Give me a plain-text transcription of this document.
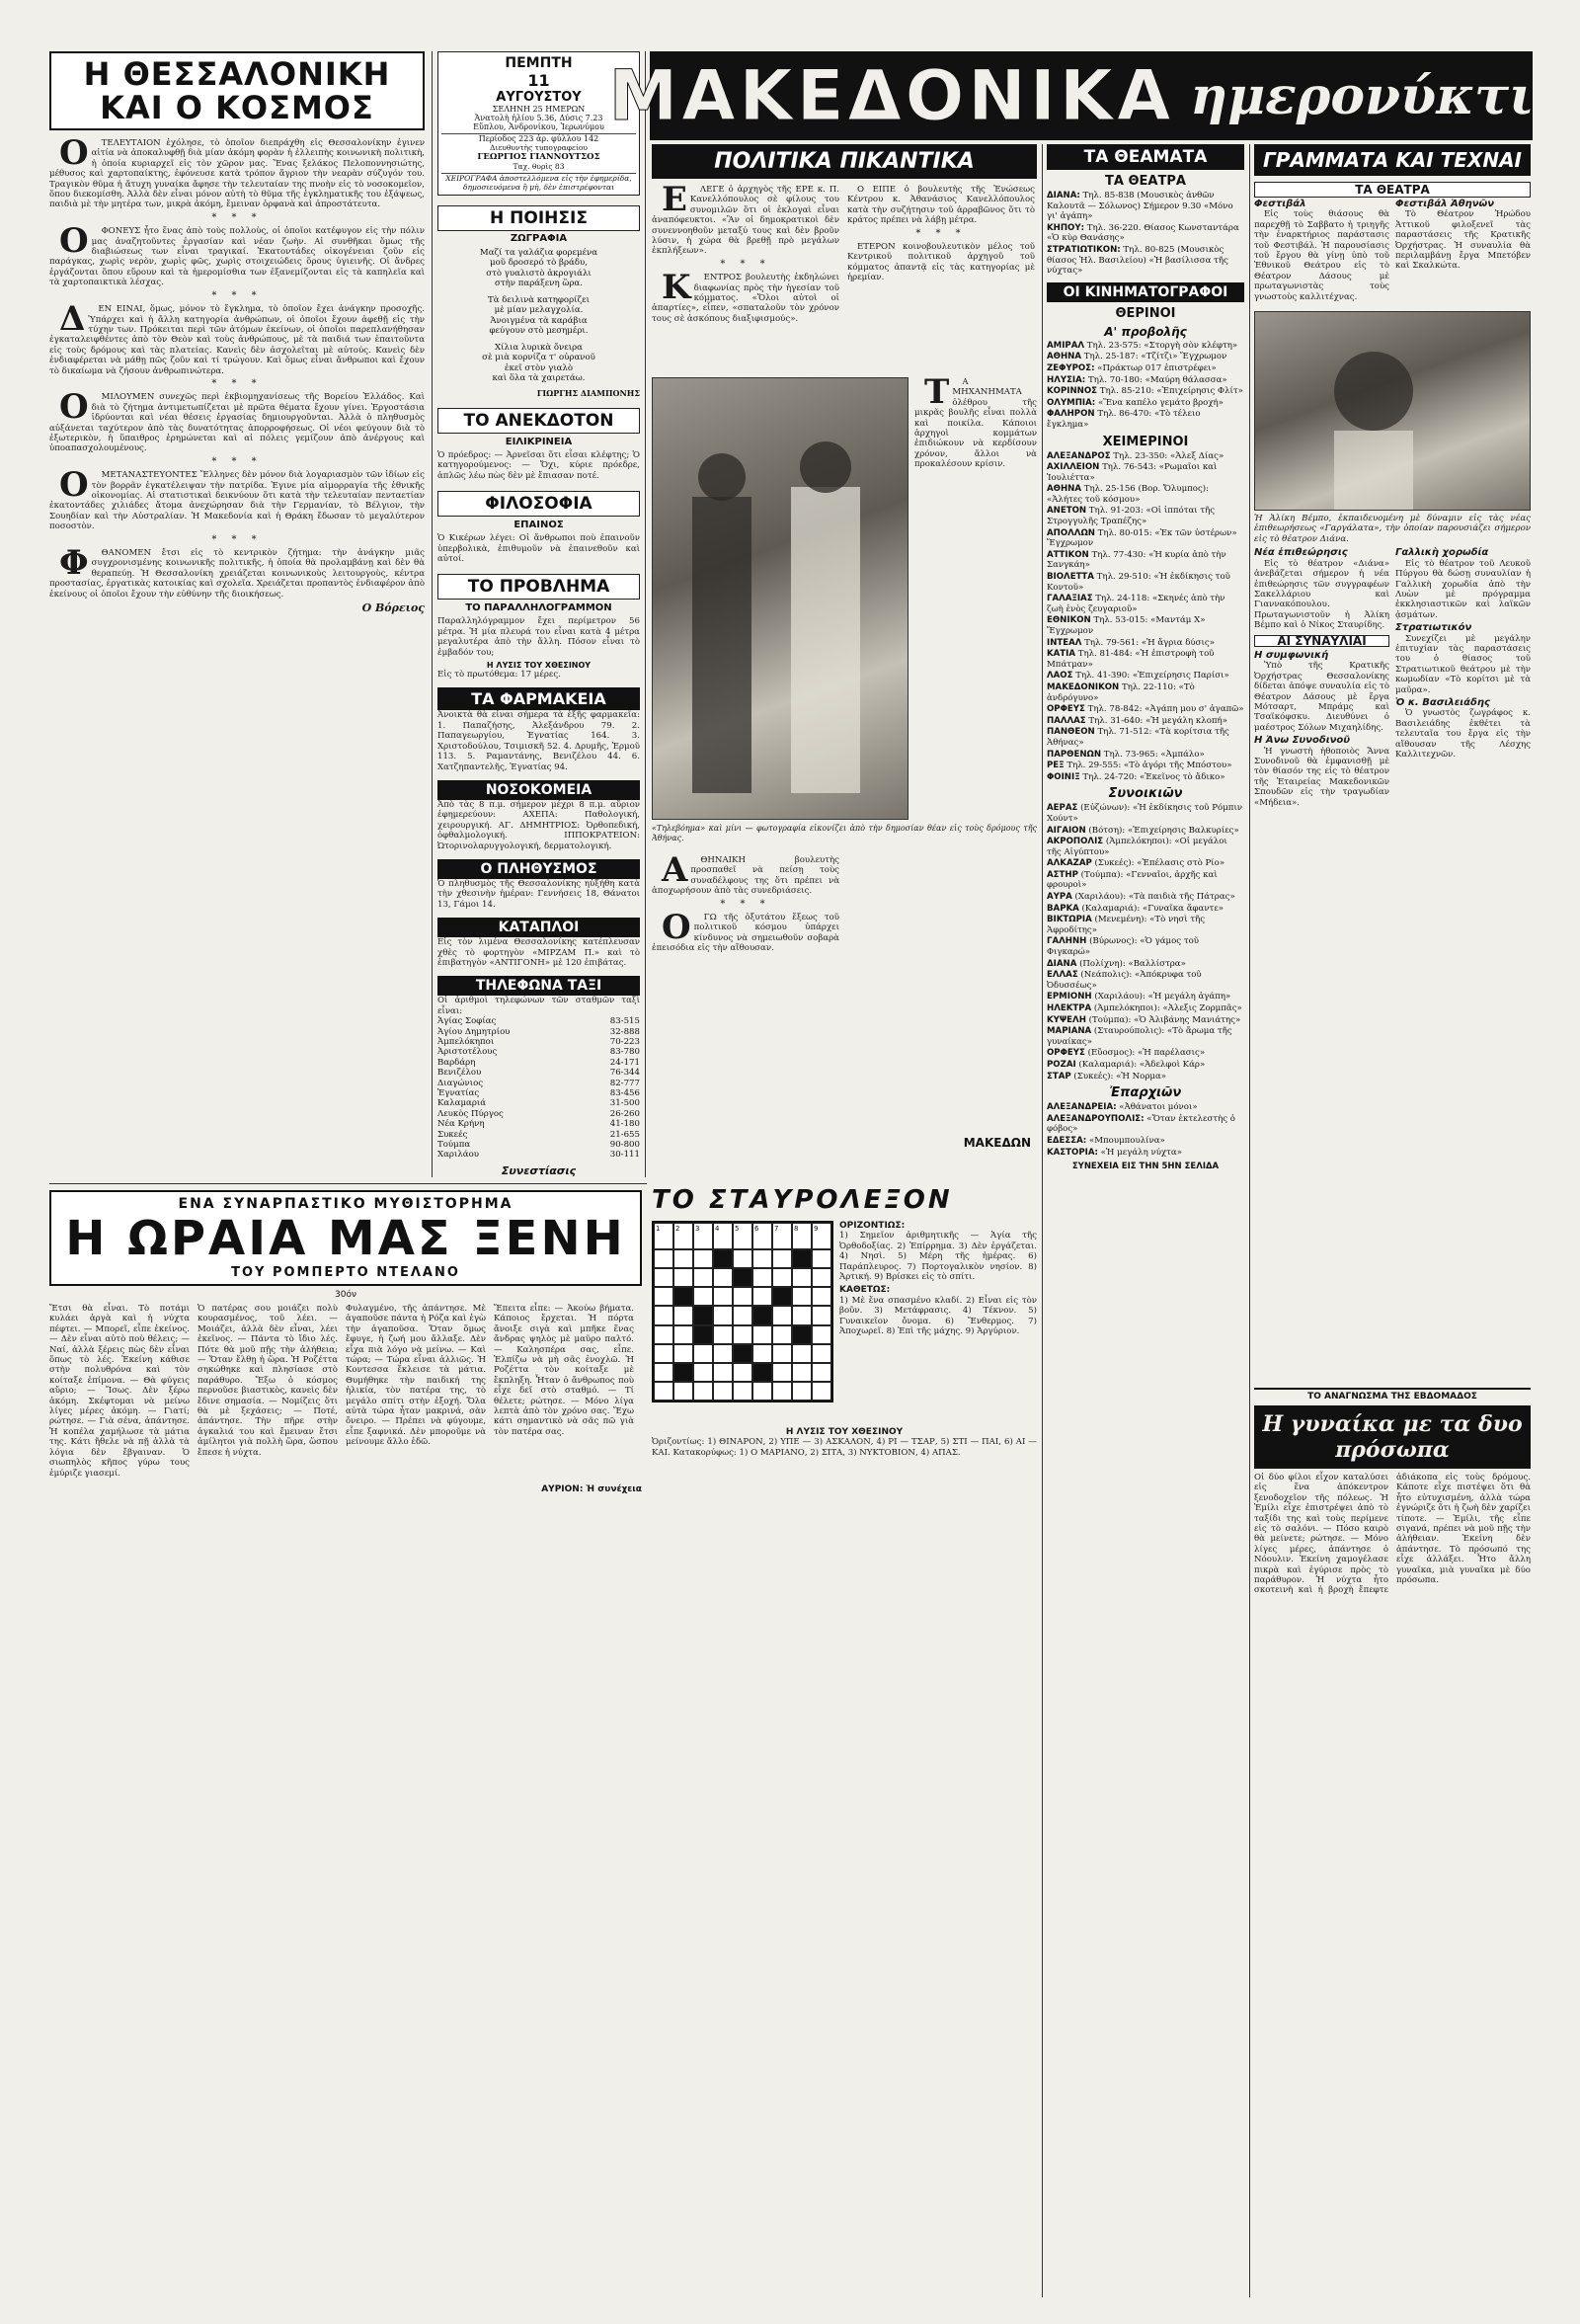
Η ΘΕΣΣΑΛΟΝΙΚΗ
ΚΑΙ Ο ΚΟΣΜΟΣ

ΟΤΕΛΕΥΤΑΙΟΝ ἐχόλησε, τὸ ὁποῖον διεπράχθη εἰς Θεσσαλονίκην ἐγινεν αἰτία νὰ ἀποκαλυφθῇ διὰ μίαν ἀκόμη φορὰν ἡ ἐλλειπὴς κοινωνικὴ πολιτικὴ, ἡ ὁποία κυριαρχεῖ εἰς τὸν χῶρον μας. Ἕνας ξελάκος Πελοποννησιώτης, μέθυσος καὶ χαρτοπαίκτης, ἐφόνευσε κατὰ τρόπον ἄγριον τὴν νεαρὰν σύζυγόν του. Τραγικὸν θῦμα ἡ ἄτυχη γυναίκα ἄφησε τὴν τελευταίαν της πνοὴν εἰς τὸ νοσοκομεῖον, ὅπου διεκομίσθη. Ἀλλὰ δὲν εἶναι μόνον αὐτὴ τὸ θῦμα τῆς ἐγκληματικῆς του ἐξάψεως, παιδιὰ μὲ τὴν μητέρα των, μικρὰ ἀκόμη, ἔμειναν ὀρφανὰ καὶ ἀπροστάτευτα.

* * *

ΟΦΟΝΕΥΣ ἦτο ἕνας ἀπὸ τοὺς πολλοὺς, οἱ ὁποῖοι κατέφυγον εἰς τὴν πόλιν μας ἀναζητοῦντες ἐργασίαν καὶ νέαν ζωὴν. Αἱ συνθῆκαι ὅμως τῆς διαβιώσεως των εἶναι τραγικαί. Ἐκατοντάδες οἰκογένειαι ζοῦν εἰς παράγκας, χωρὶς νερὸν, χωρὶς φῶς, χωρὶς στοιχειώδεις ὅρους ὑγιεινῆς. Οἱ ἄνδρες ἐργάζονται ὅπου εὕρουν καὶ τὰ ἡμερομίσθια των ἐξανεμίζονται εἰς τὰ καπηλεῖα καὶ τὰ χαρτοπαικτικὰ λέσχας.

* * *

ΔΕΝ ΕΙΝΑΙ, ὅμως, μόνον τὸ ἔγκλημα, τὸ ὁποῖον ἔχει ἀνάγκην προσοχῆς. Ὑπάρχει καὶ ἡ ἄλλη κατηγορία ἀνθρώπων, οἱ ὁποῖοι ἔχουν ἀφεθῇ εἰς τὴν τύχην των. Πρόκειται περὶ τῶν ἀτόμων ἐκείνων, οἱ ὁποῖοι παρεπλανήθησαν ἐγκαταλειφθέντες ἀπὸ τὸν Θεὸν καὶ τοὺς ἀνθρώπους, μὲ τὰ παιδιά των ἐπαιτοῦντα εἰς τοὺς δρόμους καὶ τὰς πλατείας. Κανεὶς δὲν ἀσχολεῖται μὲ αὐτούς. Κανεὶς δὲν ἐνδιαφέρεται νὰ μάθῃ πῶς ζοῦν καὶ τί τρώγουν. Καὶ ὅμως εἶναι ἄνθρωποι καὶ ἔχουν τὸ δικαίωμα νὰ ζήσουν ἀνθρωπινώτερα.

* * *

ΟΜΙΛΟΥΜΕΝ συνεχῶς περὶ ἐκβιομηχανίσεως τῆς Βορείου Ἑλλάδος. Καὶ διὰ τὸ ζήτημα ἀντιμετωπίζεται μὲ πρῶτα θέματα ἔχουν γίνει. Ἐργοστάσια ἱδρύονται καὶ νέαι θέσεις ἐργασίας δημιουργοῦνται. Ἀλλὰ ὁ πληθυσμὸς αὐξάνεται ταχύτερον ἀπὸ τὰς δυνατότητας ἀπορροφήσεως. Οἱ νέοι φεύγουν διὰ τὸ ἐξωτερικὸν, ἡ ὕπαιθρος ἐρημώνεται καὶ αἱ πόλεις γεμίζουν ἀπὸ ἀνέργους καὶ ὑποαπασχολουμένους.

* * *

ΟΜΕΤΑΝΑΣΤΕΥΟΝΤΕΣ Ἕλληνες δὲν μόνον διὰ λογαριασμὸν τῶν ἰδίων εἰς τὸν βορρᾶν ἐγκατέλειψαν τὴν πατρίδα. Ἐγινε μία αἱμορραγία τῆς ἐθνικῆς οἰκονομίας. Αἱ στατιστικαὶ δεικνύουν ὅτι κατὰ τὴν τελευταίαν πενταετίαν ἐκατοντάδες χιλιάδες ἄτομα ἀνεχώρησαν διὰ τὴν Γερμανίαν, τὸ Βέλγιον, τὴν Σουηδίαν καὶ τὴν Αὐστραλίαν. Ἡ Μακεδονία καὶ ἡ Θράκη ἔδωσαν τὸ μεγαλύτερον ποσοστὸν.

* * *

ΦΘΑΝΟΜΕΝ ἔτσι εἰς τὸ κεντρικὸν ζήτημα: τὴν ἀνάγκην μιᾶς συγχρονισμένης κοινωνικῆς πολιτικῆς, ἡ ὁποία θὰ προλαμβάνῃ καὶ δὲν θὰ θεραπεύῃ. Ἡ Θεσσαλονίκη χρειάζεται κοινωνικοὺς λειτουργοὺς, κέντρα προστασίας, ἐργατικὰς κατοικίας καὶ σχολεῖα. Χρειάζεται προπαντὸς ἐνδιαφέρον ἀπὸ ἐκείνους οἱ ὁποῖοι ἔχουν τὴν εὐθύνην τῆς διοικήσεως.

Ο Βόρειος
ΠΕΜΠΤΗ
11
ΑΥΓΟΥΣΤΟΥ
ΣΕΛΗΝΗ 25 ΗΜΕΡΩΝ
Ἀνατολὴ ἡλίου 5.36, Δύσις 7.23
Εὔπλου, Ἀνδρονίκου, Ἰερωνύμου
Περίοδος 223 ἀρ. φύλλου 142
Διευθυντὴς τυπογραφείου
ΓΕΩΡΓΙΟΣ ΓΙΑΝΝΟΥΤΣΟΣ
Ταχ. θυρὶς 83
ΧΕΙΡΟΓΡΑΦΑ ἀποστελλόμενα εἰς τὴν ἐφημερίδα, δημοσιευόμενα ἢ μὴ, δὲν ἐπιστρέφονται
Η ΠΟΙΗΣΙΣ
ΖΩΓΡΑΦΙΑ
Μαζί τα γαλάζια φορεμένα
μοῦ δροσερό τὸ βράδυ,
στὸ γυαλιστὸ ἀκρογιάλι
στὴν παράξενη ὥρα.
Τὰ δειλινὰ κατηφορίζει
μὲ μίαν μελαγχολία.
Ἀνοιγμένα τὰ καράβια
φεύγουν στὸ μεσημέρι.
Χίλια λυρικὰ ὄνειρα
σὲ μιὰ κορνίζα τ' οὐρανοῦ
ἐκεῖ στὸν γιαλὸ
καὶ ὅλα τὰ χαιρετάω.
ΓΙΩΡΓΗΣ ΔΙΑΜΠΟΝΗΣ
ΤΟ ΑΝΕΚΔΟΤΟΝ
ΕΙΛΙΚΡΙΝΕΙΑ
Ὁ πρόεδρος: — Ἀρνεῖσαι ὅτι εἶσαι κλέφτης; Ὁ κατηγορούμενος: — Ὄχι, κύριε πρόεδρε, ἁπλῶς λέω πὼς δὲν μὲ ἔπιασαν ποτέ.
ΦΙΛΟΣΟΦΙΑ
ΕΠΑΙΝΟΣ
Ὁ Κικέρων λέγει: Οἱ ἄνθρωποι ποὺ ἐπαινοῦν ὑπερβολικὰ, ἐπιθυμοῦν νὰ ἐπαινεθοῦν καὶ αὐτοί.
ΤΟ ΠΡΟΒΛΗΜΑ
ΤΟ ΠΑΡΑΛΛΗΛΟΓΡΑΜΜΟΝ
Παραλληλόγραμμον ἔχει περίμετρον 56 μέτρα. Ἡ μία πλευρά του εἶναι κατὰ 4 μέτρα μεγαλυτέρα ἀπὸ τὴν ἄλλη. Πόσον εἶναι τὸ ἐμβαδόν του;
Η ΛΥΣΙΣ ΤΟΥ ΧΘΕΣΙΝΟΥ
Εἰς τὸ πρωτόθεμα: 17 μέρες.
ΤΑ ΦΑΡΜΑΚΕΙΑ
Ἀνοικτὰ θὰ εἶναι σήμερα τὰ ἑξῆς φαρμακεῖα: 1. Παπαζήσης, Ἀλεξάνδρου 79. 2. Παπαγεωργίου, Ἐγνατίας 164. 3. Χριστοδούλου, Τσιμισκῆ 52. 4. Δρυμῆς, Ἑρμοῦ 113. 5. Ραμαντάνης, Βενιζέλου 44. 6. Χατζηπαντελῆς, Ἐγνατίας 94.
ΝΟΣΟΚΟΜΕΙΑ
Ἀπὸ τὰς 8 π.μ. σήμερον μέχρι 8 π.μ. αὔριον ἐφημερεύουν: ΑΧΕΠΑ: Παθολογική, χειρουργική. ΑΓ. ΔΗΜΗΤΡΙΟΣ: Ὀρθοπεδική, ὀφθαλμολογική. ΙΠΠΟΚΡΑΤΕΙΟΝ: Ὠτορινολαρυγγολογική, δερματολογική.
Ο ΠΛΗΘΥΣΜΟΣ
Ὁ πληθυσμὸς τῆς Θεσσαλονίκης ηὐξήθη κατὰ τὴν χθεσινὴν ἡμέραν: Γεννήσεις 18, Θάνατοι 13, Γάμοι 14.
ΚΑΤΑΠΛΟΙ
Εἰς τὸν λιμένα Θεσσαλονίκης κατέπλευσαν χθὲς τὸ φορτηγὸν «ΜΙΡΖΑΜ Π.» καὶ τὸ ἐπιβατηγὸν «ΑΝΤΙΓΟΝΗ» μὲ 120 ἐπιβάτας.
ΤΗΛΕΦΩΝΑ ΤΑΞΙ
Οἱ ἀριθμοὶ τηλεφώνων τῶν σταθμῶν ταξὶ εἶναι:
Ἁγίας Σοφίας	83-515
Ἁγίου Δημητρίου	32-888
Ἀμπελόκηποι	70-223
Ἀριστοτέλους	83-780
Βαρδάρη	24-171
Βενιζέλου	76-344
Διαγώνιος	82-777
Ἐγνατίας	83-456
Καλαμαριά	31-500
Λευκὸς Πύργος	26-260
Νέα Κρήνη	41-180
Συκεές	21-655
Τούμπα	90-800
Χαριλάου	30-111
Συνεστίασις
ΜΑΚΕΔΟΝΙΚΑ ημερονύκτια
ΠΟΛΙΤΙΚΑ ΠΙΚΑΝΤΙΚΑ

ΕΛΕΓΕ ὁ ἀρχηγὸς τῆς ΕΡΕ κ. Π. Κανελλόπουλος σὲ φίλους του συνομιλῶν ὅτι οἱ ἐκλογαὶ εἶναι ἀναπόφευκτοι. «Ἂν οἱ δημοκρατικοὶ δὲν συνεννοηθοῦν μεταξύ τους καὶ δὲν βροῦν λύσιν, ἡ χώρα θὰ βρεθῇ πρὸ μεγάλων ἐκπλήξεων».

* * *

ΚΕΝΤΡΟΣ βουλευτὴς ἐκδηλώνει διαφωνίας πρὸς τὴν ἡγεσίαν τοῦ κόμματος. «Ὅλοι αὐτοὶ οἱ ἀπαρτίες», εἶπεν, «σπαταλοῦν τὸν χρόνον τους σὲ ἀσκόπους διαξιφισμούς».

Ο ΕΙΠΕ ὁ βουλευτὴς τῆς Ἑνώσεως Κέντρου κ. Ἀθανάσιος Κανελλόπουλος κατὰ τὴν συζήτησιν τοῦ ἀρραβῶνος ὅτι τὸ κράτος πρέπει νὰ λάβῃ μέτρα.

* * *

ΕΤΕΡΟΝ κοινοβουλευτικὸν μέλος τοῦ Κεντρικοῦ πολιτικοῦ ἀρχηγοῦ τοῦ κόμματος ἀπαντᾷ εἰς τὰς κατηγορίας μὲ ἡρεμίαν.

«Τηλεβόημα» καὶ μίνι — φωτογραφία εἰκονίζει ἀπὸ τὴν δημοσίαν θέαν εἰς τοὺς δρόμους τῆς Ἀθήνας.

ΤΑ ΜΗΧΑΝΗΜΑΤΑ ὀλέθρου τῆς μικρᾶς βουλῆς εἶναι πολλὰ καὶ ποικίλα. Κάποιοι ἀρχηγοὶ κομμάτων ἐπιδιώκουν νὰ κερδίσουν χρόνον, ἄλλοι νὰ προκαλέσουν κρίσιν.

ΑΘΗΝΑΙΚΗ βουλευτὴς προσπαθεῖ νὰ πείσῃ τοὺς συναδέλφους της ὅτι πρέπει νὰ ἀποχωρήσουν ἀπὸ τὰς συνεδριάσεις.

* * *

ΟΓΩ τῆς ὀξυτάτου ἔξεως τοῦ πολιτικοῦ κόσμου ὑπάρχει κίνδυνος νὰ σημειωθοῦν σοβαρὰ ἐπεισόδια εἰς τὴν αἴθουσαν.

ΜΑΚΕΔΩΝ
ΤΟ ΣΤΑΥΡΟΛΕΞΟΝ
1	2	3	4	5	6	7	8	9	ΟΡΙΖΟΝΤΙΩΣ:
1) Σημεῖον ἀριθμητικῆς — Ἁγία τῆς Ὀρθοδοξίας. 2) Ἐπίρρημα. 3) Δὲν ἐργάζεται. 4) Νησὶ. 5) Μέρη τῆς ἡμέρας. 6) Παράπλευρος. 7) Πορτογαλικὸν νησίον. 8) Ἀρτική. 9) Βρίσκει εἰς τὸ σπίτι.
ΚΑΘΕΤΩΣ:
1) Μὲ ἕνα σπασμένο κλαδί. 2) Εἶναι εἰς τὸν βοῦν. 3) Μετάφρασις. 4) Τέκνον. 5) Γυναικεῖον ὄνομα. 6) Ἔνθερμος. 7) Ἀποχωρεῖ. 8) Ἐπὶ τῆς μάχης. 9) Ἀργύριον.
Η ΛΥΣΙΣ ΤΟΥ ΧΘΕΣΙΝΟΥ
Ὀριζοντίως: 1) ΘΙΝΑΡΟΝ, 2) ΥΠΕ — 3) ΑΣΚΑΛΟΝ, 4) ΡΙ — ΤΣΑΡ, 5) ΣΤΙ — ΠΑΙ, 6) ΑΙ — ΚΑΙ. Κατακορύφως: 1) Ο ΜΑΡΙΑΝΟ, 2) ΣΙΤΑ, 3) ΝΥΚΤΟΒΙΟΝ, 4) ΑΠΑΣ.
ΤΑ ΘΕΑΜΑΤΑ
ΤΑ ΘΕΑΤΡΑ
ΔΙΑΝΑ: Τηλ. 85-838 (Μουσικὸς ἀνθῶν Καλουτᾶ — Σόλωνος) Σήμερον 9.30 «Μόνο γι' ἀγάπη»
ΚΗΠΟΥ: Τηλ. 36-220. Θίασος Κωνσταντάρα «Ὁ κὺρ Θανάσης»
ΣΤΡΑΤΙΩΤΙΚΟΝ: Τηλ. 80-825 (Μουσικὸς θίασος Ἠλ. Βασιλείου) «Ἡ βασίλισσα τῆς νύχτας»
ΟΙ ΚΙΝΗΜΑΤΟΓΡΑΦΟΙ
ΘΕΡΙΝΟΙ
Α' προβολῆς
ΑΜΙΡΑΛ Τηλ. 23-575: «Στοργὴ σὸν κλέφτη»
ΑΘΗΝΑ Τηλ. 25-187: «Τζίτζι» Ἔγχρωμον
ΖΕΦΥΡΟΣ: «Πράκτωρ 017 ἐπιστρέφει»
ΗΛΥΣΙΑ: Τηλ. 70-180: «Μαύρη θάλασσα»
ΚΟΡΙΝΝΟΣ Τηλ. 85-210: «Ἐπιχείρησις Φλίτ»
ΟΛΥΜΠΙΑ: «Ἕνα καπέλο γεμάτο βροχή»
ΦΑΛΗΡΟΝ Τηλ. 86-470: «Τὸ τέλειο ἔγκλημα»
ΧΕΙΜΕΡΙΝΟΙ
ΑΛΕΞΑΝΔΡΟΣ Τηλ. 23-350: «Ἀλεξ Δίας»
ΑΧΙΛΛΕΙΟΝ Τηλ. 76-543: «Ρωμαῖοι καὶ Ἰουλιέττα»
ΑΘΗΝΑ Τηλ. 25-156 (Βορ. Ὄλυμπος): «Ἀλήτες τοῦ κόσμου»
ΑΝΕΤΟΝ Τηλ. 91-203: «Οἱ ἱππόται τῆς Στρογγυλῆς Τραπέζης»
ΑΠΟΛΛΩΝ Τηλ. 80-015: «Ἐκ τῶν ὑστέρων» Ἔγχρωμον
ΑΤΤΙΚΟΝ Τηλ. 77-430: «Ἡ κυρία ἀπὸ τὴν Σανγκάη»
ΒΙΟΛΕΤΤΑ Τηλ. 29-510: «Ἡ ἐκδίκησις τοῦ Κοντοῦ»
ΓΑΛΑΞΙΑΣ Τηλ. 24-118: «Σκηνές ἀπὸ τὴν ζωὴ ἑνὸς ζευγαριοῦ»
ΕΘΝΙΚΟΝ Τηλ. 53-015: «Μαντάμ Χ» Ἔγχρωμον
ΙΝΤΕΑΛ Τηλ. 79-561: «Ἡ ἄγρια δύσις»
ΚΑΤΙΑ Τηλ. 81-484: «Ἡ ἐπιστροφὴ τοῦ Μπάτμαν»
ΛΑΟΣ Τηλ. 41-390: «Ἐπιχείρησις Παρίσι»
ΜΑΚΕΔΟΝΙΚΟΝ Τηλ. 22-110: «Τὸ ἀνδρόγυνο»
ΟΡΦΕΥΣ Τηλ. 78-842: «Ἀγάπη μου σ' ἀγαπῶ»
ΠΑΛΛΑΣ Τηλ. 31-640: «Ἡ μεγάλη κλοπή»
ΠΑΝΘΕΟΝ Τηλ. 71-512: «Τὰ κορίτσια τῆς Ἀθήνας»
ΠΑΡΘΕΝΩΝ Τηλ. 73-965: «Ἀμπάλο»
ΡΕΞ Τηλ. 29-555: «Τὸ ἀγόρι τῆς Μπόστου»
ΦΟΙΝΙΞ Τηλ. 24-720: «Ἐκεῖνος τὸ ἄδικο»
Συνοικιῶν
ΑΕΡΑΣ (Εὐζώνων): «Ἡ ἐκδίκησις τοῦ Ρόμπιν Χούντ»
ΑΙΓΑΙΟΝ (Βότση): «Ἐπιχείρησις Βαλκυρίες»
ΑΚΡΟΠΟΛΙΣ (Ἀμπελόκηποι): «Οἱ μεγάλοι τῆς Αἰγύπτου»
ΑΛΚΑΖΑΡ (Συκεές): «Ἐπέλασις στὸ Ρίο»
ΑΣΤΗΡ (Τούμπα): «Γενναῖοι, ἀρχῆς καὶ φρουροὶ»
ΑΥΡΑ (Χαριλάου): «Τὰ παιδιὰ τῆς Πάτρας»
ΒΑΡΚΑ (Καλαμαριά): «Γυναῖκα ἄφαντε»
ΒΙΚΤΩΡΙΑ (Μενεμένη): «Τὸ νησὶ τῆς Ἀφροδίτης»
ΓΑΛΗΝΗ (Βύρωνος): «Ὁ γάμος τοῦ Φιγκαρώ»
ΔΙΑΝΑ (Πολίχνη): «Βαλλίστρα»
ΕΛΛΑΣ (Νεάπολις): «Ἀπόκρυφα τοῦ Ὀδυσσέως»
ΕΡΜΙΟΝΗ (Χαριλάου): «Ἡ μεγάλη ἀγάπη»
ΗΛΕΚΤΡΑ (Ἀμπελόκηποι): «Ἀλεξις Ζορμπᾶς»
ΚΥΨΕΛΗ (Τούμπα): «Ὁ Ἀλιβάνης Μανιάτης»
ΜΑΡΙΑΝΑ (Σταυρούπολις): «Τὸ ἄρωμα τῆς γυναίκας»
ΟΡΦΕΥΣ (Εὔοσμος): «Ἡ παρέλασις»
ΡΟΖΑΙ (Καλαμαριά): «Ἀδελφοὶ Κάρ»
ΣΤΑΡ (Συκεές): «Ἡ Νορμα»
Ἐπαρχιῶν
ΑΛΕΞΑΝΔΡΕΙΑ: «Ἀθάνατοι μόνοι»
ΑΛΕΞΑΝΔΡΟΥΠΟΛΙΣ: «Ὅταν ἐκτελεστὴς ὁ φόβος»
ΕΔΕΣΣΑ: «Μπουμπουλίνα»
ΚΑΣΤΟΡΙΑ: «Ἡ μεγάλη νύχτα»
ΣΥΝΕΧΕΙΑ ΕΙΣ ΤΗΝ 5ΗΝ ΣΕΛΙΔΑ
ΓΡΑΜΜΑΤΑ ΚΑΙ ΤΕΧΝΑΙ
ΤΑ ΘΕΑΤΡΑ
Φεστιβάλ

Εἰς τοὺς θιάσους θὰ παρεχθῇ τὸ Σαββατο ἡ τριηγῆς τὴν ἐναρκτήριος παράστασις τοῦ Φεστιβάλ. Ἡ παρουσίασις τοῦ ἔργου θὰ γίνῃ ὑπὸ τοῦ Ἐθνικοῦ Θεάτρου εἰς τὸ Θέατρον Δάσους μὲ πρωταγωνιστὰς τοὺς γνωστοὺς καλλιτέχνας.

Φεστιβάλ Ἀθηνῶν

Τὸ Θέατρον Ἡρώδου Ἀττικοῦ φιλοξενεῖ τὰς παραστάσεις τῆς Κρατικῆς Ὀρχήστρας. Ἡ συναυλία θὰ περιλαμβάνῃ ἔργα Μπετόβεν καὶ Σκαλκώτα.

Ἡ Ἀλίκη Βέμπο, ἐκπαιδευομένη μὲ δύναμιν εἰς τὰς νέας ἐπιθεωρήσεως «Γαργάλατα», τὴν ὁποίαν παρουσιάζει σήμερον εἰς τὸ θέατρον Διάνα.
Νέα ἐπιθεώρησις

Εἰς τὸ θέατρον «Διάνα» ἀνεβάζεται σήμερον ἡ νέα ἐπιθεώρησις τῶν συγγραφέων Σακελλάριου καὶ Γιαννακόπουλου. Πρωταγωνιστοῦν ἡ Ἀλίκη Βέμπο καὶ ὁ Νίκος Σταυρίδης.

ΑΙ ΣΥΝΑΥΛΙΑΙ
Η συμφωνική

Ὑπὸ τῆς Κρατικῆς Ὀρχήστρας Θεσσαλονίκης δίδεται ἀπόψε συναυλία εἰς τὸ Θέατρον Δάσους μὲ ἔργα Μότσαρτ, Μπράμς καὶ Τσαϊκόφσκυ. Διευθύνει ὁ μαέστρος Σόλων Μιχαηλίδης.

Η Ἀνω Συνοδινοῦ

Ἡ γνωστὴ ἠθοποιὸς Ἄννα Συνοδινοῦ θὰ ἐμφανισθῇ μὲ τὸν θίασόν της εἰς τὸ θέατρον τῆς Ἑταιρείας Μακεδονικῶν Σπουδῶν εἰς τὴν τραγωδίαν «Μήδεια».

Γαλλικὴ χορωδία

Εἰς τὸ θέατρον τοῦ Λευκοῦ Πύργου θὰ δώσῃ συναυλίαν ἡ Γαλλικὴ χορωδία ἀπὸ τὴν Λυὼν μὲ πρόγραμμα ἐκκλησιαστικῶν καὶ λαϊκῶν ᾀσμάτων.

Στρατιωτικόν

Συνεχίζει μὲ μεγάλην ἐπιτυχίαν τὰς παραστάσεις του ὁ θίασος τοῦ Στρατιωτικοῦ θεάτρου μὲ τὴν κωμωδίαν «Τὸ κορίτσι μὲ τὰ μαῦρα».

Ὁ κ. Βασιλειάδης

Ὁ γνωστὸς ζωγράφος κ. Βασιλειάδης ἐκθέτει τὰ τελευταῖα του ἔργα εἰς τὴν αἴθουσαν τῆς Λέσχης Καλλιτεχνῶν.

ΤΟ ΑΝΑΓΝΩΣΜΑ ΤΗΣ ΕΒΔΟΜΑΔΟΣ
Η γυναίκα με τα δυο πρόσωπα
Οἱ δύο φίλοι εἶχον καταλύσει εἰς ἕνα ἀπόκεντρον ξενοδοχεῖον τῆς πόλεως. Ἡ Ἐμίλι εἶχε ἐπιστρέψει ἀπὸ τὸ ταξίδι της καὶ τοὺς περίμενε εἰς τὸ σαλόνι. — Πόσο καιρὸ θὰ μείνετε; ρώτησε. — Μόνο λίγες μέρες, ἀπάντησε ὁ Νόουλιν. Ἐκείνη χαμογέλασε πικρὰ καὶ ἐγύρισε πρὸς τὸ παράθυρον. Ἡ νύχτα ἦτο σκοτεινὴ καὶ ἡ βροχὴ ἔπεφτε ἀδιάκοπα εἰς τοὺς δρόμους. Κάποτε εἶχε πιστέψει ὅτι θὰ ἦτο εὐτυχισμένη, ἀλλὰ τώρα ἐγνώριζε ὅτι ἡ ζωὴ δὲν χαρίζει τίποτε. — Ἐμίλι, τῆς εἶπε σιγανά, πρέπει νὰ μοῦ πῇς τὴν ἀλήθειαν. Ἐκείνη δὲν ἀπάντησε. Τὸ πρόσωπό της εἶχε ἀλλάξει. Ἦτο ἄλλη γυναῖκα, μιὰ γυναῖκα μὲ δύο πρόσωπα.
ΕΝΑ ΣΥΝΑΡΠΑΣΤΙΚΟ ΜΥΘΙΣΤΟΡΗΜΑ
Η ΩΡΑΙΑ ΜΑΣ ΞΕΝΗ
ΤΟΥ ΡΟΜΠΕΡΤΟ ΝΤΕΛΑΝΟ
30όν
Ἔτσι θὰ εἶναι. Τὸ ποτάμι κυλάει ἀργὰ καὶ ἡ νύχτα πέφτει. — Μπορεῖ, εἶπε ἐκείνος. — Δὲν εἶναι αὐτὸ ποὺ θέλεις; — Ναί, ἀλλὰ ξέρεις πὼς δὲν εἶναι ὅπως τὸ λές. Ἐκείνη κάθισε στὴν πολυθρόνα καὶ τὸν κοίταξε ἐπίμονα. — Θὰ φύγεις αὔριο; — Ἴσως. Δὲν ξέρω ἀκόμη. Σκέφτομαι νὰ μείνω λίγες μέρες ἀκόμη. — Γιατί; ρώτησε. — Γιὰ σένα, ἀπάντησε. Ἡ κοπέλα χαμήλωσε τὰ μάτια της. Κάτι ἤθελε νὰ πῇ ἀλλὰ τὰ λόγια δὲν ἔβγαιναν. Ὁ σιωπηλὸς κῆπος γύρω τους ἐμύριζε γιασεμί.
Ὁ πατέρας σου μοιάζει πολὺ κουρασμένος, τοῦ λέει. — Μοιάζει, ἀλλὰ δὲν εἶναι, λέει ἐκεῖνος. — Πάντα τὸ ἴδιο λές. Πότε θὰ μοῦ πῇς τὴν ἀλήθεια; — Ὅταν ἔλθῃ ἡ ὥρα. Ἡ Ροζέττα σηκώθηκε καὶ πλησίασε στὸ παράθυρο. Ἔξω ὁ κόσμος περνοῦσε βιαστικὸς, κανεὶς δὲν ἔδινε σημασία. — Νομίζεις ὅτι θὰ μὲ ξεχάσεις; — Ποτέ, ἀπάντησε. Τὴν πῆρε στὴν ἀγκαλιά του καὶ ἔμειναν ἔτσι ἀμίλητοι γιὰ πολλὴ ὥρα, ὥσπου ἔπεσε ἡ νύχτα.
Φυλαγμένο, τῆς ἀπάντησε. Μὲ ἀγαποῦσε πάντα ἡ Ρόζα καὶ ἐγὼ τὴν ἀγαποῦσα. Ὅταν ὅμως ἔφυγε, ἡ ζωή μου ἄλλαξε. Δὲν εἶχα πιὰ λόγο νὰ μείνω. — Καὶ τώρα; — Τώρα εἶναι ἀλλιῶς. Ἡ Κοντεσσα ἔκλεισε τὰ μάτια. Θυμήθηκε τὴν παιδική της ἡλικία, τὸν πατέρα της, τὸ μεγάλο σπίτι στὴν ἐξοχή. Ὅλα αὐτὰ τώρα ἦταν μακρινά, σὰν ὄνειρο. — Πρέπει νὰ φύγουμε, εἶπε ξαφνικά. Δὲν μποροῦμε νὰ μείνουμε ἄλλο ἐδῶ.
Ἔπειτα εἶπε: — Ἀκούω βήματα. Κάποιος ἔρχεται. Ἡ πόρτα ἄνοιξε σιγὰ καὶ μπῆκε ἕνας ἄνδρας ψηλὸς μὲ μαῦρο παλτό. — Καλησπέρα σας, εἶπε. Ἐλπίζω νὰ μὴ σᾶς ἐνοχλῶ. Ἡ Ροζέττα τὸν κοίταξε μὲ ἔκπληξη. Ἦταν ὁ ἄνθρωπος ποὺ εἶχε δεῖ στὸ σταθμό. — Τί θέλετε; ρώτησε. — Μόνο λίγα λεπτὰ ἀπὸ τὸν χρόνο σας. Ἔχω κάτι σημαντικὸ νὰ σᾶς πῶ γιὰ τὸν πατέρα σας.
ΑΥΡΙΟΝ: Ἡ συνέχεια
